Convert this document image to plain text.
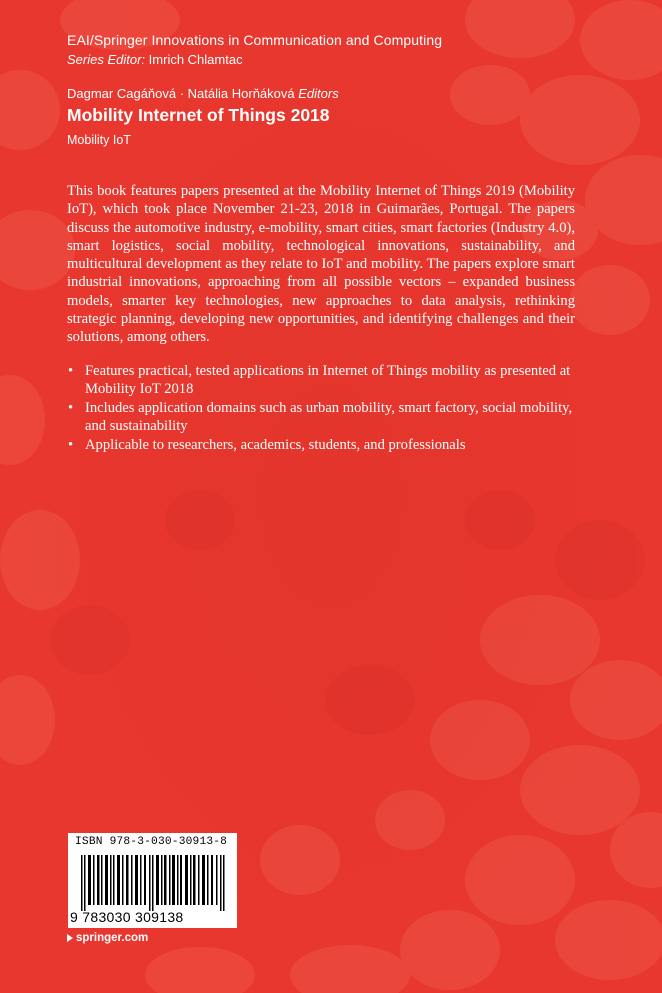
EAI/Springer Innovations in Communication and Computing
Series Editor: Imrich Chlamtac
Dagmar Cagáňová · Natália Horňáková Editors
Mobility Internet of Things 2018
Mobility IoT

This book features papers presented at the Mobility Internet of Things 2019 (Mobility IoT), which took place November 21-23, 2018 in Guimarães, Portugal. The papers discuss the automotive industry, e-mobility, smart cities, smart factories (Industry 4.0), smart logistics, social mobility, technological innovations, sustainability, and multicultural development as they relate to IoT and mobility. The papers explore smart industrial innovations, approaching from all possible vectors – expanded business models, smarter key technologies, new approaches to data analysis, rethinking strategic planning, developing new opportunities, and identifying challenges and their solutions, among others.

• Features practical, tested applications in Internet of Things mobility as presented at Mobility IoT 2018
• Includes application domains such as urban mobility, smart factory, social mobility, and sustainability
• Applicable to researchers, academics, students, and professionals
ISBN 978-3-030-30913-8
9 783030 309138
springer.com
